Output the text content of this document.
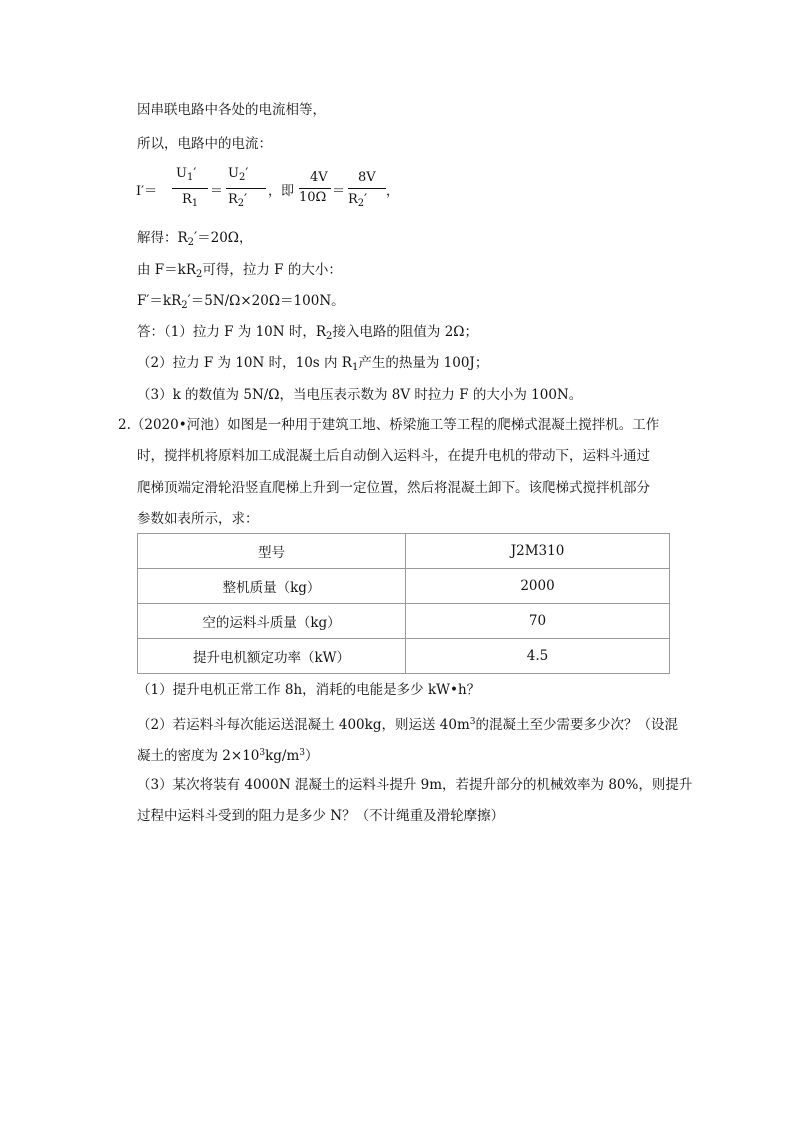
因串联电路中各处的电流相等，
所以，电路中的电流：
I′＝
$U_1'$
$R_1$
＝
$U_2'$
$R_2'$
，即
4V
10Ω ＝
8V
$R_2'$
，
解得：$R_2'=20\Omega$，
由 $F=kR_2$可得，拉力 F 的大小：
$F'=kR_2'=5N/\Omega\times 20\Omega=100N$。
答：（1）拉力 F 为 10N 时，$R_2$接入电路的阻值为 2Ω；
（2）拉力 F 为 10N 时，10s 内 $R_1$产生的热量为 100J；
（3）k 的数值为 5N/Ω，当电压表示数为 8V 时拉力 F 的大小为 100N。
2.（2020•河池）如图是一种用于建筑工地、桥梁施工等工程的爬梯式混凝土搅拌机。工作
时，搅拌机将原料加工成混凝土后自动倒入运料斗，在提升电机的带动下，运料斗通过
爬梯顶端定滑轮沿竖直爬梯上升到一定位置，然后将混凝土卸下。该爬梯式搅拌机部分
参数如表所示，求：
型号	J2M310
整机质量（kg）	2000
空的运料斗质量（kg）	70
提升电机额定功率（kW）	4.5
（1）提升电机正常工作 8h，消耗的电能是多少 kW•h？
（2）若运料斗每次能运送混凝土 400kg，则运送 $40m^3$的混凝土至少需要多少次？（设混
凝土的密度为 $2\times 10^3kg/m^3$）
（3）某次将装有 4000N 混凝土的运料斗提升 9m，若提升部分的机械效率为 80%，则提升
过程中运料斗受到的阻力是多少 N？（不计绳重及滑轮摩擦）
